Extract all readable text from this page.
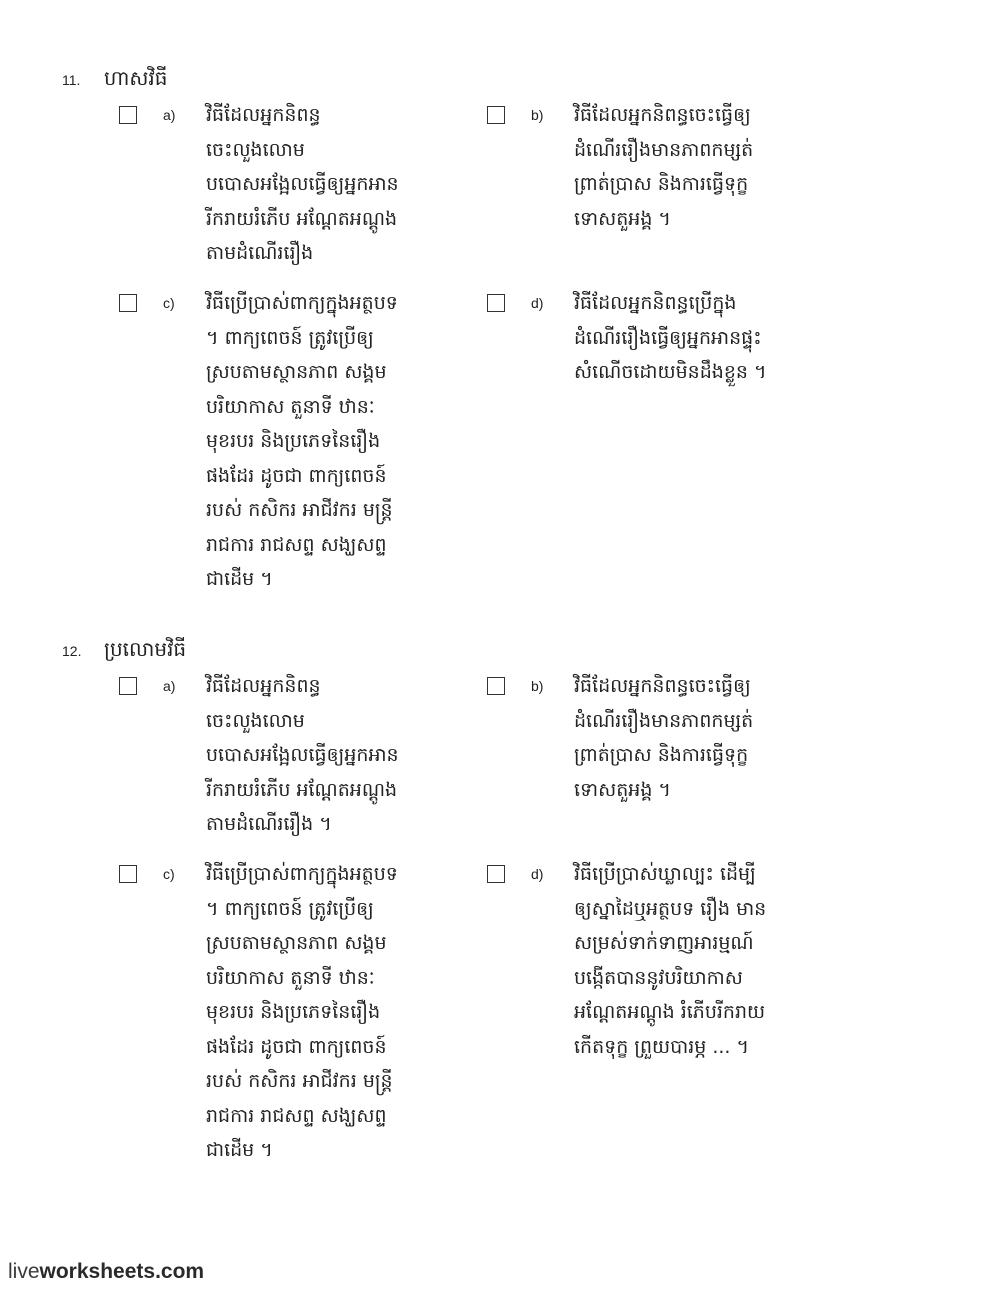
11. ហាសវិធី
a) វិធីដែលអ្នកនិពន្ធ
ចេះលួងលោម
បបោសអង្អែលធ្វើឲ្យអ្នកអាន
រីករាយរំភើប អណ្ដែតអណ្ដូង
តាមដំណើររឿង
b) វិធីដែលអ្នកនិពន្ធចេះធ្វើឲ្យ
ដំណើររឿងមានភាពកម្សត់
ព្រាត់ប្រាស និងការធ្វើទុក្ខ
ទោសតួអង្គ ។
c) វិធីប្រើប្រាស់ពាក្យក្នុងអត្ថបទ
។ ពាក្យពេចន៍ ត្រូវប្រើឲ្យ
ស្របតាមស្ថានភាព សង្គម
បរិយាកាស តួនាទី ឋានៈ
មុខរបរ និងប្រភេទនៃរឿង
ផងដែរ ដូចជា ពាក្យពេចន៍
របស់ កសិករ អាជីវករ មន្ត្រី
រាជការ រាជសព្ទ សង្ឃសព្ទ
ជាដើម ។
d) វិធីដែលអ្នកនិពន្ធប្រើក្នុង
ដំណើររឿងធ្វើឲ្យអ្នកអានផ្ទុះ
សំណើចដោយមិនដឹងខ្លួន ។
12. ប្រលោមវិធី
a) វិធីដែលអ្នកនិពន្ធ
ចេះលួងលោម
បបោសអង្អែលធ្វើឲ្យអ្នកអាន
រីករាយរំភើប អណ្ដែតអណ្ដូង
តាមដំណើររឿង ។
b) វិធីដែលអ្នកនិពន្ធចេះធ្វើឲ្យ
ដំណើររឿងមានភាពកម្សត់
ព្រាត់ប្រាស និងការធ្វើទុក្ខ
ទោសតួអង្គ ។
c) វិធីប្រើប្រាស់ពាក្យក្នុងអត្ថបទ
។ ពាក្យពេចន៍ ត្រូវប្រើឲ្យ
ស្របតាមស្ថានភាព សង្គម
បរិយាកាស តួនាទី ឋានៈ
មុខរបរ និងប្រភេទនៃរឿង
ផងដែរ ដូចជា ពាក្យពេចន៍
របស់ កសិករ អាជីវករ មន្ត្រី
រាជការ រាជសព្ទ សង្ឃសព្ទ
ជាដើម ។
d) វិធីប្រើប្រាស់ឃ្លាល្បះ ដើម្បី
ឲ្យស្នាដៃឬអត្ថបទ រឿង មាន
សម្រស់ទាក់ទាញអារម្មណ៍
បង្កើតបាននូវបរិយាកាស
អណ្ដែតអណ្ដូង រំភើបរីករាយ
កើតទុក្ខ ព្រួយបារម្ភ ... ។
liveworksheets.com
